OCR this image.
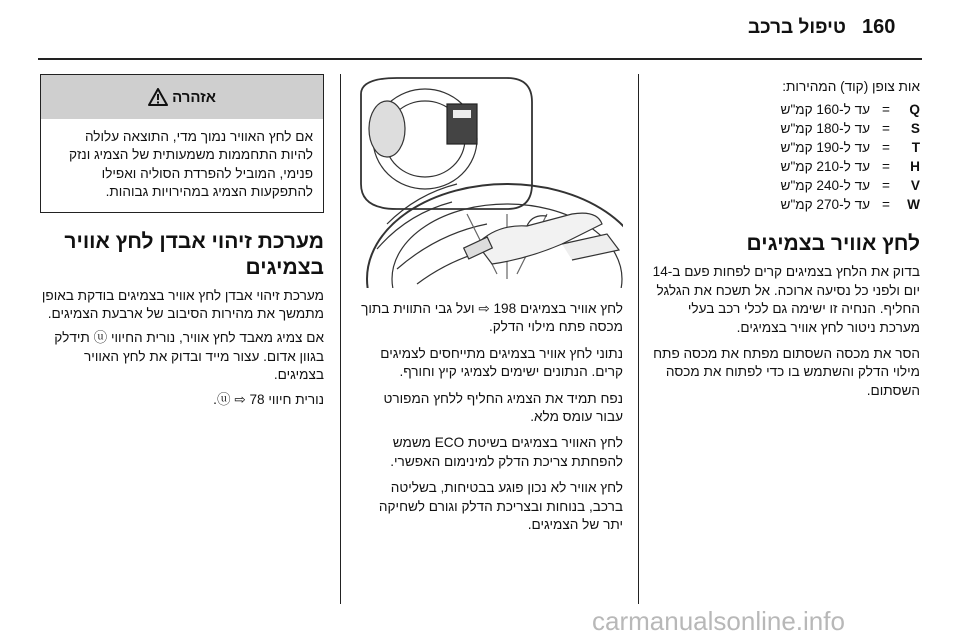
טיפול ברכב 160

אות צופן (קוד) המהירות:

עד ל-160 קמ"ש =	Q
עד ל-180 קמ"ש =	S
עד ל-190 קמ"ש =	T
עד ל-210 קמ"ש =	H
עד ל-240 קמ"ש =	V
עד ל-270 קמ"ש =	W
לחץ אוויר בצמיגים

בדוק את הלחץ בצמיגים קרים לפחות פעם ב-14 יום ולפני כל נסיעה ארוכה. אל תשכח את הגלגל החליף. הנחיה זו ישימה גם לכלי רכב בעלי מערכת ניטור לחץ אוויר בצמיגים.

הסר את מכסה השסתום מפתח את מכסה פתח מילוי הדלק והשתמש בו כדי לפתוח את מכסה השסתום.

לחץ אוויר בצמיגים 198 ⇨ ועל גבי התווית בתוך מכסה פתח מילוי הדלק.

נתוני לחץ אוויר בצמיגים מתייחסים לצמיגים קרים. הנתונים ישימים לצמיגי קיץ וחורף.

נפח תמיד את הצמיג החליף ללחץ המפורט עבור עומס מלא.

לחץ האוויר בצמיגים בשיטת ECO משמש להפחתת צריכת הדלק למינימום האפשרי.

לחץ אוויר לא נכון פוגע בבטיחות, בשליטה ברכב, בנוחות ובצריכת הדלק וגורם לשחיקה יתר של הצמיגים.

אזהרה
אם לחץ האוויר נמוך מדי, התוצאה עלולה להיות התחממות משמעותית של הצמיג ונזק פנימי, המוביל להפרדת הסוליה ואפילו להתפקעות הצמיג במהירויות גבוהות.
מערכת זיהוי אבדן לחץ אוויר בצמיגים

מערכת זיהוי אבדן לחץ אוויר בצמיגים בודקת באופן מתמשך את מהירות הסיבוב של ארבעת הצמיגים.

אם צמיג מאבד לחץ אוויר, נורית החיווי ⓤ תידלק בגוון אדום. עצור מייד ובדוק את לחץ האוויר בצמיגים.

נורית חיווי ⓤ ⇨ 78.

carmanualsonline.info
